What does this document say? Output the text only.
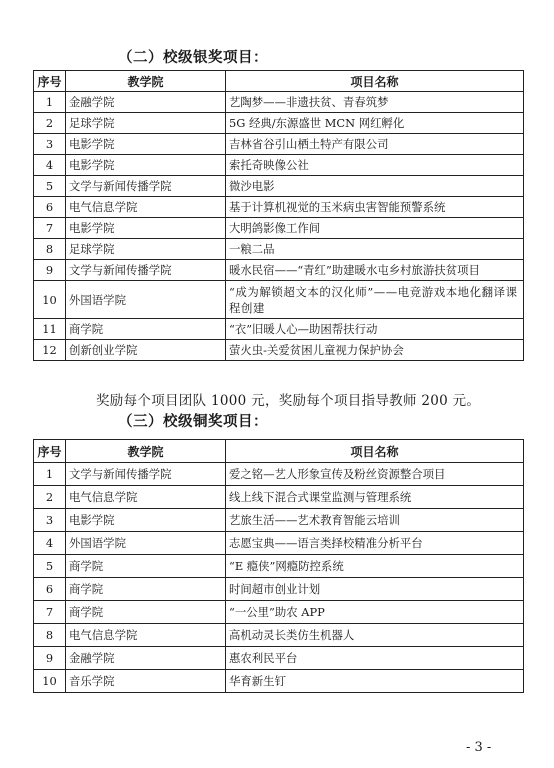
（二）校级银奖项目：
序号	教学院	项目名称
1	金融学院	艺陶梦——非遗扶贫、青春筑梦
2	足球学院	5G 经典/东源盛世 MCN 网红孵化
3	电影学院	吉林省谷引山栖土特产有限公司
4	电影学院	索托奇映像公社
5	文学与新闻传播学院	微沙电影
6	电气信息学院	基于计算机视觉的玉米病虫害智能预警系统
7	电影学院	大明鸽影像工作间
8	足球学院	一粮二品
9	文学与新闻传播学院	暖水民宿——“青红”助建暖水屯乡村旅游扶贫项目
10	外国语学院	“成为解锁超文本的汉化师”——电竞游戏本地化翻译课程创建
11	商学院	“衣”旧暖人心—助困帮扶行动
12	创新创业学院	萤火虫-关爱贫困儿童视力保护协会
奖励每个项目团队 1000 元，奖励每个项目指导教师 200 元。
（三）校级铜奖项目：
序号	教学院	项目名称
1	文学与新闻传播学院	爱之铭—艺人形象宣传及粉丝资源整合项目
2	电气信息学院	线上线下混合式课堂监测与管理系统
3	电影学院	艺旅生活——艺术教育智能云培训
4	外国语学院	志愿宝典——语言类择校精准分析平台
5	商学院	“E 瘾侠”网瘾防控系统
6	商学院	时间超市创业计划
7	商学院	“一公里”助农 APP
8	电气信息学院	高机动灵长类仿生机器人
9	金融学院	惠农利民平台
10	音乐学院	华育新生钉
- 3 -
